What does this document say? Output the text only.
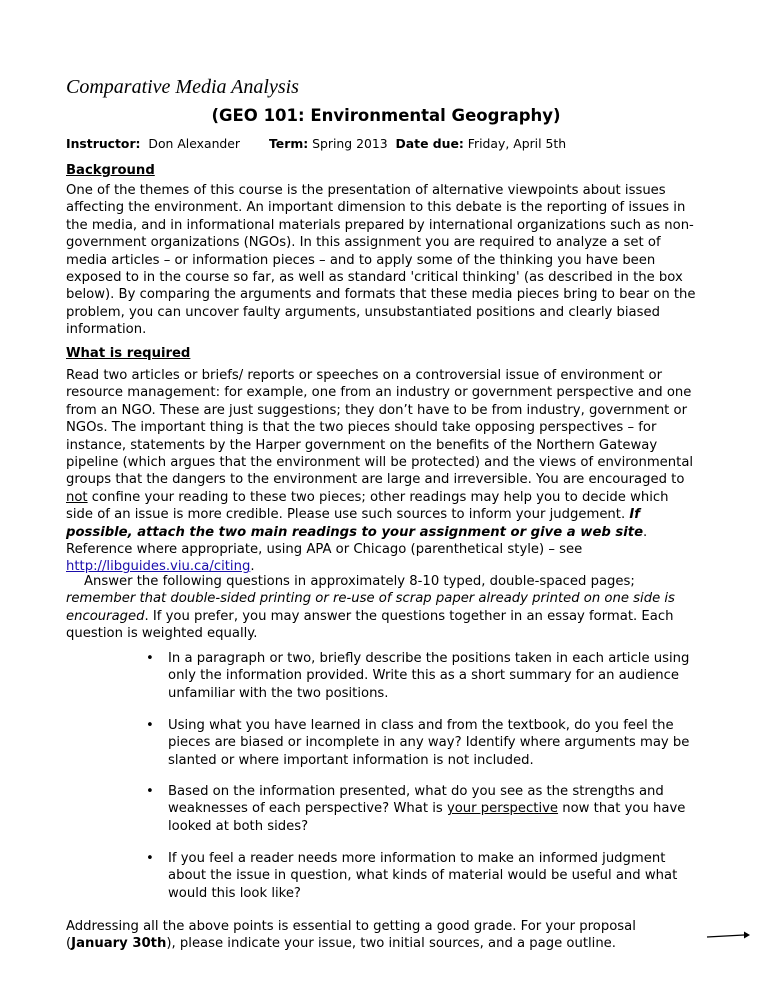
Comparative Media Analysis
(GEO 101: Environmental Geography)
Instructor: Don Alexander Term: Spring 2013 Date due: Friday, April 5th
Background
One of the themes of this course is the presentation of alternative viewpoints about issues
affecting the environment. An important dimension to this debate is the reporting of issues in
the media, and in informational materials prepared by international organizations such as non-
government organizations (NGOs). In this assignment you are required to analyze a set of
media articles – or information pieces – and to apply some of the thinking you have been
exposed to in the course so far, as well as standard 'critical thinking' (as described in the box
below). By comparing the arguments and formats that these media pieces bring to bear on the
problem, you can uncover faulty arguments, unsubstantiated positions and clearly biased
information.
What is required
Read two articles or briefs/ reports or speeches on a controversial issue of environment or
resource management: for example, one from an industry or government perspective and one
from an NGO. These are just suggestions; they don’t have to be from industry, government or
NGOs. The important thing is that the two pieces should take opposing perspectives – for
instance, statements by the Harper government on the benefits of the Northern Gateway
pipeline (which argues that the environment will be protected) and the views of environmental
groups that the dangers to the environment are large and irreversible. You are encouraged to
not confine your reading to these two pieces; other readings may help you to decide which
side of an issue is more credible. Please use such sources to inform your judgement. If
possible, attach the two main readings to your assignment or give a web site.
Reference where appropriate, using APA or Chicago (parenthetical style) – see
http://libguides.viu.ca/citing.
Answer the following questions in approximately 8-10 typed, double-spaced pages;
remember that double-sided printing or re-use of scrap paper already printed on one side is
encouraged. If you prefer, you may answer the questions together in an essay format. Each
question is weighted equally.
• In a paragraph or two, briefly describe the positions taken in each article using
only the information provided. Write this as a short summary for an audience
unfamiliar with the two positions.
• Using what you have learned in class and from the textbook, do you feel the
pieces are biased or incomplete in any way? Identify where arguments may be
slanted or where important information is not included.
• Based on the information presented, what do you see as the strengths and
weaknesses of each perspective? What is your perspective now that you have
looked at both sides?
• If you feel a reader needs more information to make an informed judgment
about the issue in question, what kinds of material would be useful and what
would this look like?
Addressing all the above points is essential to getting a good grade. For your proposal
(January 30th), please indicate your issue, two initial sources, and a page outline.
